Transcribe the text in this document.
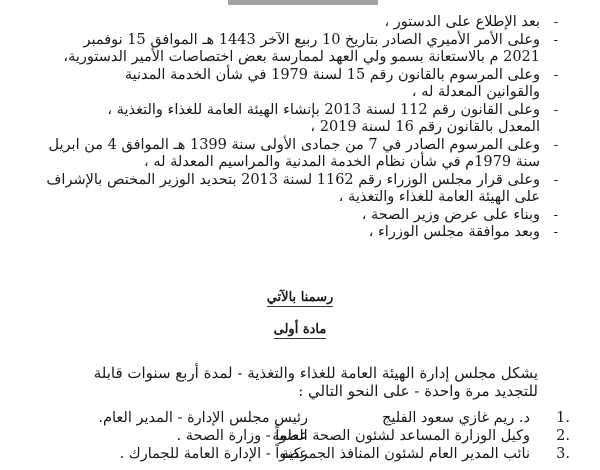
-
بعد الإطلاع على الدستور ،
-
وعلى الأمر الأميري الصادر بتاريخ 10 ربيع الآخر 1443 هـ الموافق 15 نوفمبر
2021 م بالاستعانة بسمو ولي العهد لممارسة بعض اختصاصات الأمير الدستورية،
-
وعلى المرسوم بالقانون رقم 15 لسنة 1979 في شأن الخدمة المدنية
والقوانين المعدلة له ،
-
وعلى القانون رقم 112 لسنة 2013 بإنشاء الهيئة العامة للغذاء والتغذية ،
المعدل بالقانون رقم 16 لسنة 2019 ،
-
وعلى المرسوم الصادر في 7 من جمادى الأولى سنة 1399 هـ الموافق 4 من ابريل
سنة 1979م في شأن نظام الخدمة المدنية والمراسيم المعدلة له ،
-
وعلى قرار مجلس الوزراء رقم 1162 لسنة 2013 بتحديد الوزير المختص بالإشراف
على الهيئة العامة للغذاء والتغذية ،
-
وبناء على عرض وزير الصحة ،
-
وبعد موافقة مجلس الوزراء ،
رسمنا بالآتي
مادة أولى
يشكل مجلس إدارة الهيئة العامة للغذاء والتغذية - لمدة أربع سنوات قابلة
للتجديد مرة واحدة - على النحو التالي :
1.
د. ريم غازي سعود الفليج
رئيس مجلس الإدارة - المدير العام.
2.
وكيل الوزارة المساعد لشئون الصحة العامة
عضواً - وزارة الصحة .
3.
نائب المدير العام لشئون المنافذ الجمركية
عضواً - الإدارة العامة للجمارك .
